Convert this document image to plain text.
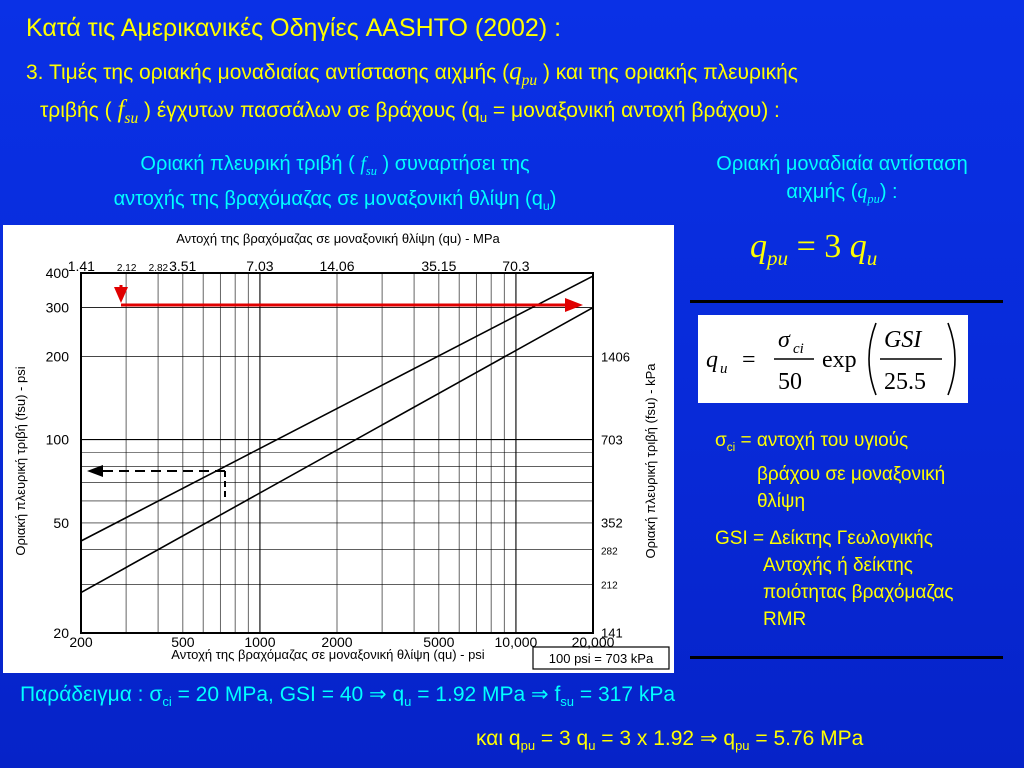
Κατά τις Αμερικανικές Οδηγίες AASHTO (2002) :
3. Τιμές της οριακής μοναδιαίας αντίστασης αιχμής ($q_{pu}$ ) και της οριακής πλευρικής
τριβής ( $f_{su}$ ) έγχυτων πασσάλων σε βράχους ($q_u = \mu o\nu\alpha\xi o\nu\iota\kappa ή$ αντοχή βράχου) :
Οριακή πλευρική τριβή ( $f_{su}$ ) συναρτήσει της
αντοχής της βραχόμαζας σε μοναξονική θλίψη $(q_u)$
Οριακή μοναδιαία αντίσταση
αιχμής $(q_{pu})$ :
$q_{pu} = 3$ $q_u$
q u =
σ ci
50
exp
GSI
25.5
$\sigma_{ci} = \alpha\nu\tau o\chi ή$ του υγιούς
βράχου σε μοναξονική
θλίψη
GSI = Δείκτης Γεωλογικής
Αντοχής ή δείκτης
ποιότητας βραχόμαζας
RMR
Παράδειγμα : $\sigma_{ci} = 20$ MPa, GSI = 40 ⇒ $q_u = 1.92$ MPa ⇒ $f_{su} = 317$ kPa
και $q_{pu} = 3$ $q_u = 3$ x 1.92 ⇒ $q_{pu} = 5.76$ MPa
Αντοχή της βραχόμαζας σε μοναξονική θλίψη (qu) - MPa
Αντοχή της βραχόμαζας σε μοναξονική θλίψη (qu) - psi	100 psi = 703 kPa
Οριακή πλευρική τριβή (fsu) - psi	Οριακή πλευρική τριβή (fsu) - kPa
1.41 2.12 2.82 3.51	7.03	14.06	35.15	70.3
200	500	1000	2000	5000	10,000 20,000
400
300
200
100
50
20
1406
703
352
282
212
141
